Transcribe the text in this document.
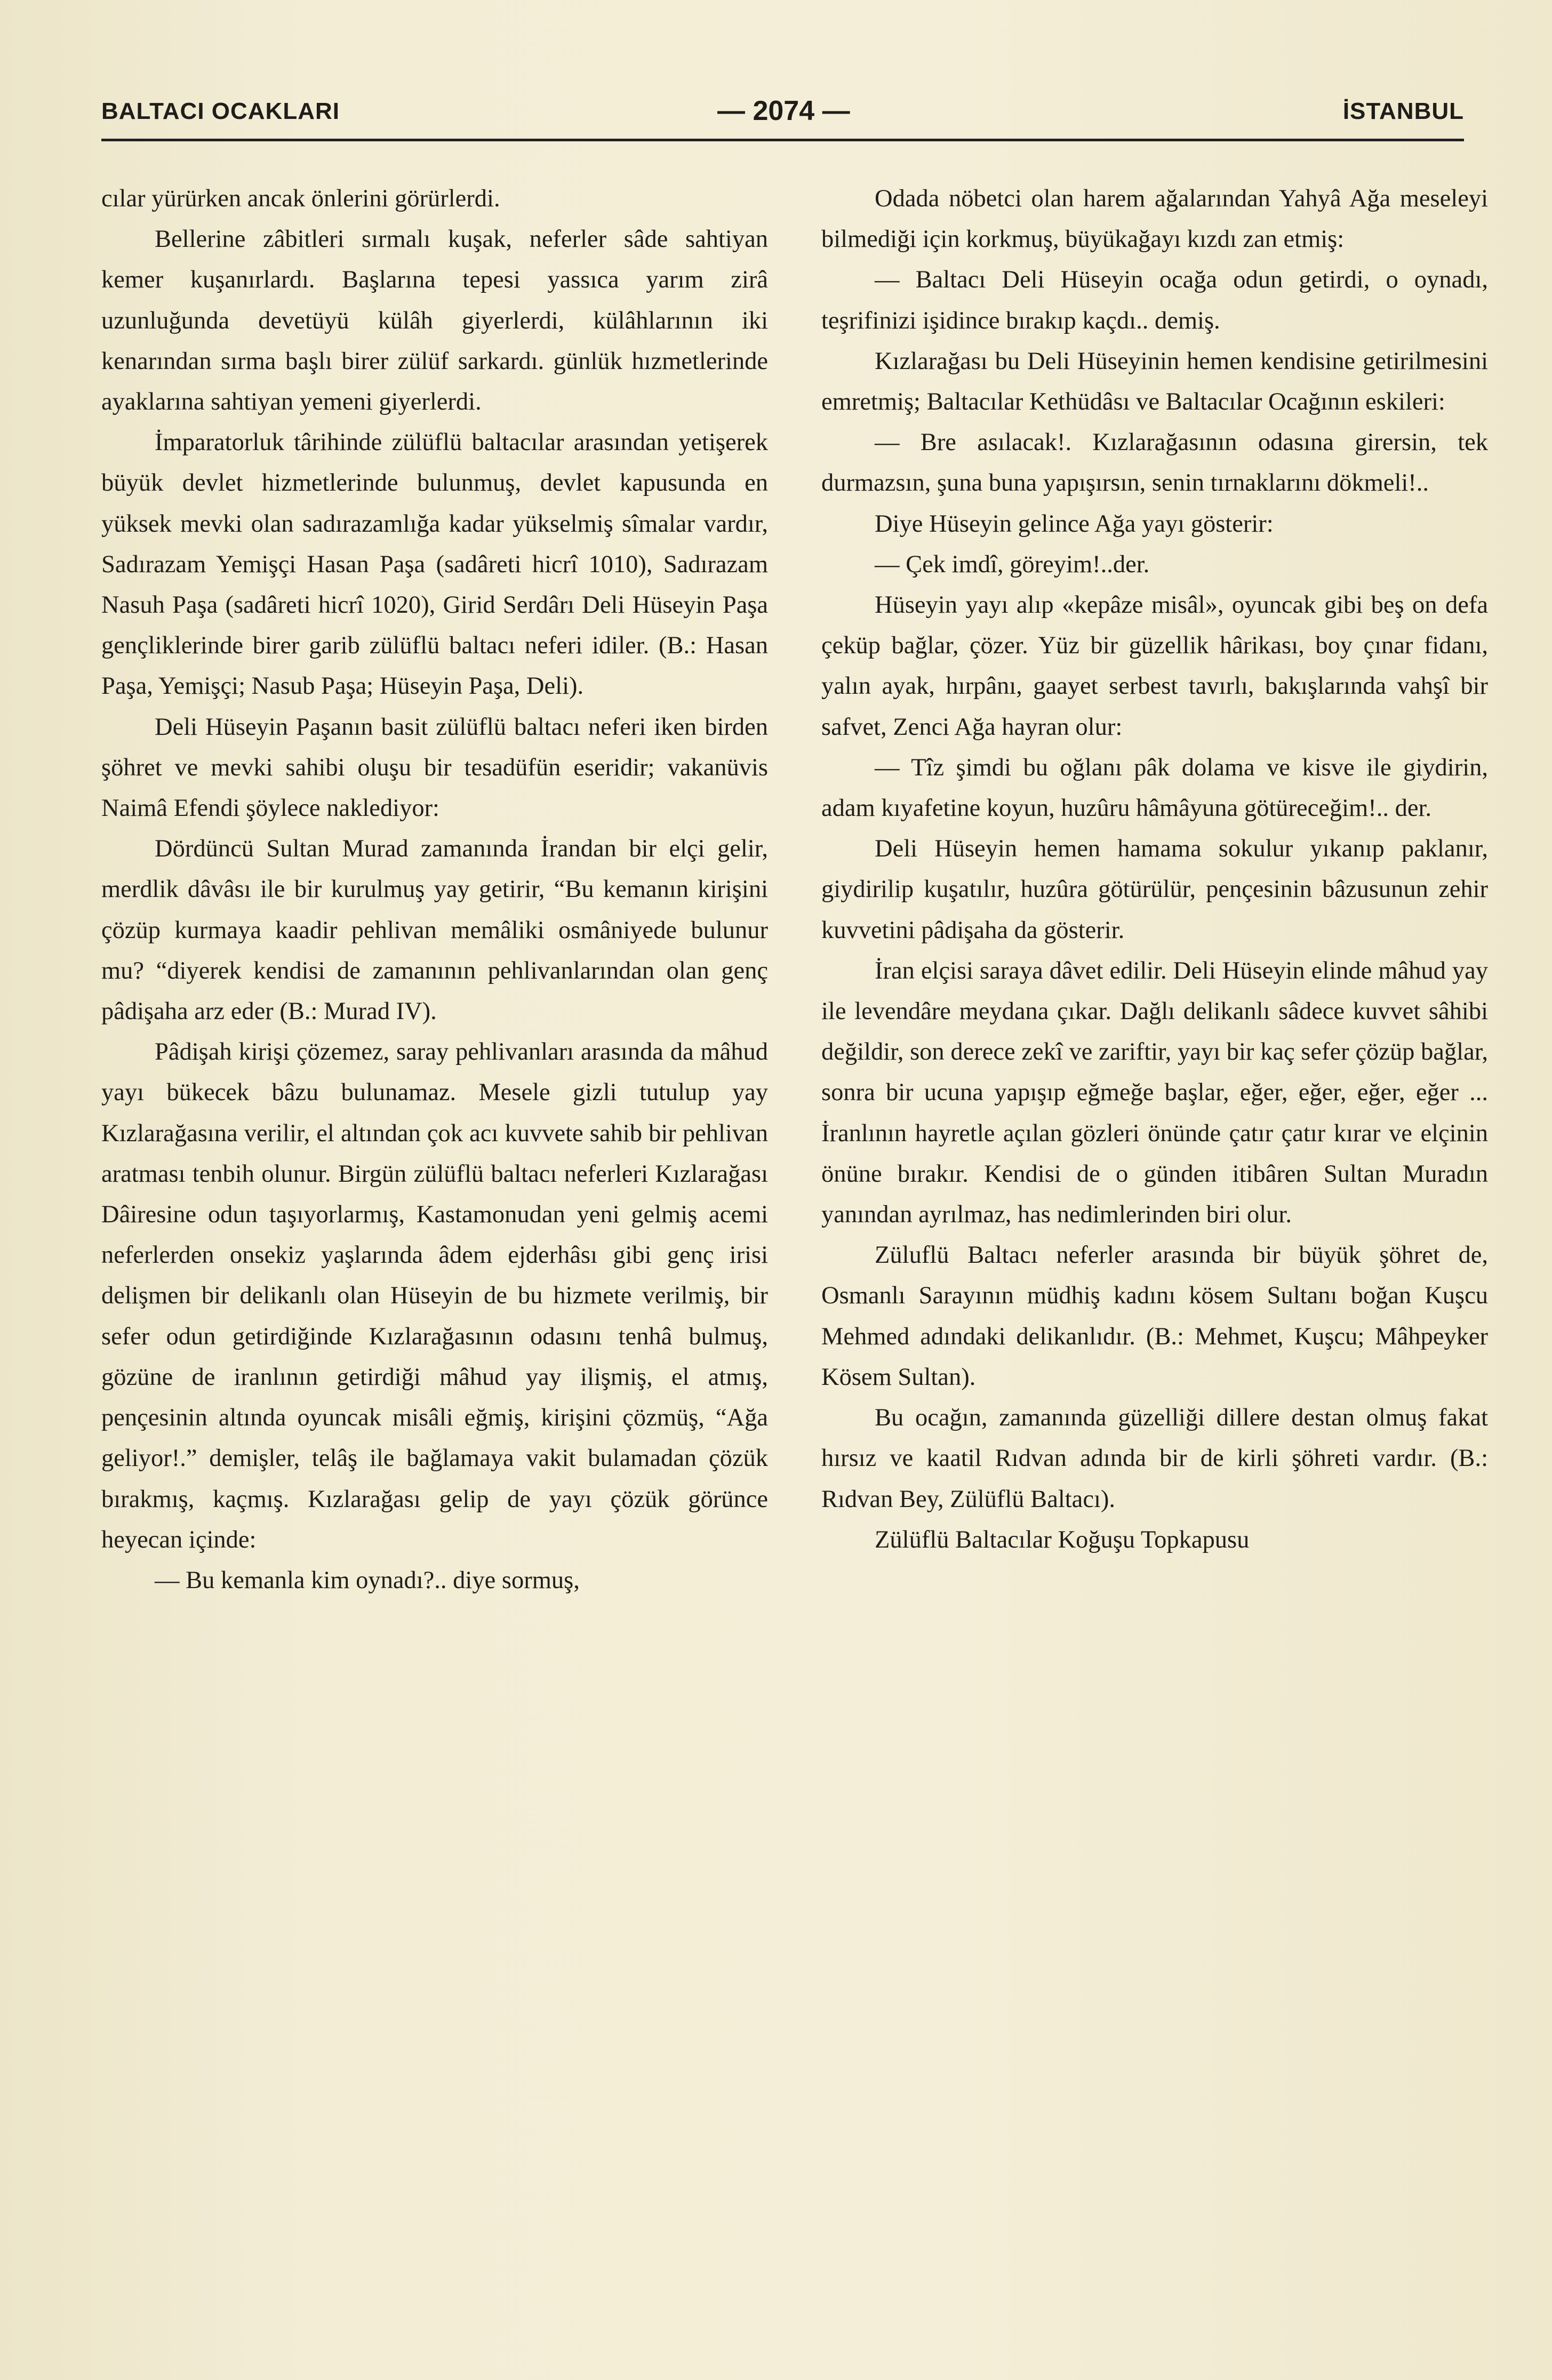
BALTACI OCAKLARI	— 2074 —	İSTANBUL

cılar yürürken ancak önlerini görürlerdi.

Bellerine zâbitleri sırmalı kuşak, neferler sâde sahtiyan kemer kuşanırlardı. Başlarına tepesi yassıca yarım zirâ uzunluğunda devetüyü külâh giyerlerdi, külâhlarının iki kenarından sırma başlı birer zülüf sarkardı. günlük hızmetlerinde ayaklarına sahtiyan yemeni giyerlerdi.

İmparatorluk târihinde zülüflü baltacılar arasından yetişerek büyük devlet hizmetlerinde bulunmuş, devlet kapusunda en yüksek mevki olan sadırazamlığa kadar yükselmiş sîmalar vardır, Sadırazam Yemişçi Hasan Paşa (sadâreti hicrî 1010), Sadırazam Nasuh Paşa (sadâreti hicrî 1020), Girid Serdârı Deli Hüseyin Paşa gençliklerinde birer garib zülüflü baltacı neferi idiler. (B.: Hasan Paşa, Yemişçi; Nasub Paşa; Hüseyin Paşa, Deli).

Deli Hüseyin Paşanın basit zülüflü baltacı neferi iken birden şöhret ve mevki sahibi oluşu bir tesadüfün eseridir; vakanüvis Naimâ Efendi şöylece naklediyor:

Dördüncü Sultan Murad zamanında İrandan bir elçi gelir, merdlik dâvâsı ile bir kurulmuş yay getirir, “Bu kemanın kirişini çözüp kurmaya kaadir pehlivan memâliki osmâniyede bulunur mu? “diyerek kendisi de zamanının pehlivanlarından olan genç pâdişaha arz eder (B.: Murad IV).

Pâdişah kirişi çözemez, saray pehlivanları arasında da mâhud yayı bükecek bâzu bulunamaz. Mesele gizli tutulup yay Kızlarağasına verilir, el altından çok acı kuvvete sahib bir pehlivan aratması tenbih olunur. Birgün zülüflü baltacı neferleri Kızlarağası Dâiresine odun taşıyorlarmış, Kastamonudan yeni gelmiş acemi neferlerden onsekiz yaşlarında âdem ejderhâsı gibi genç irisi delişmen bir delikanlı olan Hüseyin de bu hizmete verilmiş, bir sefer odun getirdiğinde Kızlarağasının odasını tenhâ bulmuş, gözüne de iranlının getirdiği mâhud yay ilişmiş, el atmış, pençesinin altında oyuncak misâli eğmiş, kirişini çözmüş, “Ağa geliyor!.” demişler, telâş ile bağlamaya vakit bulamadan çözük bırakmış, kaçmış. Kızlarağası gelip de yayı çözük görünce heyecan içinde:

— Bu kemanla kim oynadı?.. diye sormuş,

Odada nöbetci olan harem ağalarından Yahyâ Ağa meseleyi bilmediği için korkmuş, büyükağayı kızdı zan etmiş:

— Baltacı Deli Hüseyin ocağa odun getirdi, o oynadı, teşrifinizi işidince bırakıp kaçdı.. demiş.

Kızlarağası bu Deli Hüseyinin hemen kendisine getirilmesini emretmiş; Baltacılar Kethüdâsı ve Baltacılar Ocağının eskileri:

— Bre asılacak!. Kızlarağasının odasına girersin, tek durmazsın, şuna buna yapışırsın, senin tırnaklarını dökmeli!..

Diye Hüseyin gelince Ağa yayı gösterir:

— Çek imdî, göreyim!..der.

Hüseyin yayı alıp «kepâze misâl», oyuncak gibi beş on defa çeküp bağlar, çözer. Yüz bir güzellik hârikası, boy çınar fidanı, yalın ayak, hırpânı, gaayet serbest tavırlı, bakışlarında vahşî bir safvet, Zenci Ağa hayran olur:

— Tîz şimdi bu oğlanı pâk dolama ve kisve ile giydirin, adam kıyafetine koyun, huzûru hâmâyuna götüreceğim!.. der.

Deli Hüseyin hemen hamama sokulur yıkanıp paklanır, giydirilip kuşatılır, huzûra götürülür, pençesinin bâzusunun zehir kuvvetini pâdişaha da gösterir.

İran elçisi saraya dâvet edilir. Deli Hüseyin elinde mâhud yay ile levendâre meydana çıkar. Dağlı delikanlı sâdece kuvvet sâhibi değildir, son derece zekî ve zariftir, yayı bir kaç sefer çözüp bağlar, sonra bir ucuna yapışıp eğmeğe başlar, eğer, eğer, eğer, eğer ... İranlının hayretle açılan gözleri önünde çatır çatır kırar ve elçinin önüne bırakır. Kendisi de o günden itibâren Sultan Muradın yanından ayrılmaz, has nedimlerinden biri olur.

Züluflü Baltacı neferler arasında bir büyük şöhret de, Osmanlı Sarayının müdhiş kadını kösem Sultanı boğan Kuşcu Mehmed adındaki delikanlıdır. (B.: Mehmet, Kuşcu; Mâhpeyker Kösem Sultan).

Bu ocağın, zamanında güzelliği dillere destan olmuş fakat hırsız ve kaatil Rıdvan adında bir de kirli şöhreti vardır. (B.: Rıdvan Bey, Zülüflü Baltacı).

Zülüflü Baltacılar Koğuşu Topkapusu
